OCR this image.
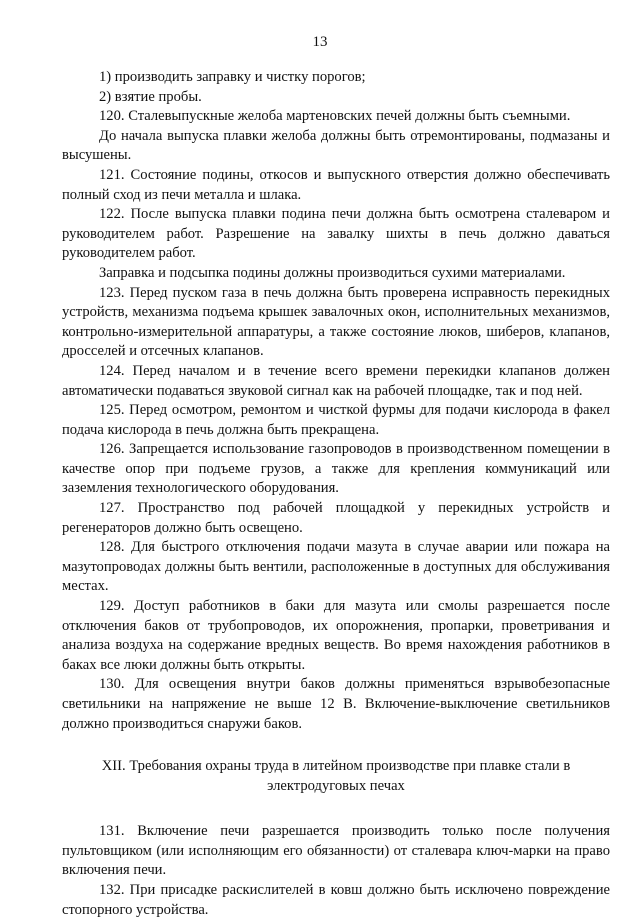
13

1) производить заправку и чистку порогов;

2) взятие пробы.

120. Сталевыпускные желоба мартеновских печей должны быть съемными.

До начала выпуска плавки желоба должны быть отремонтированы, подмазаны и высушены.

121. Состояние подины, откосов и выпускного отверстия должно обеспечивать полный сход из печи металла и шлака.

122. После выпуска плавки подина печи должна быть осмотрена сталеваром и руководителем работ. Разрешение на завалку шихты в печь должно даваться руководителем работ.

Заправка и подсыпка подины должны производиться сухими материалами.

123. Перед пуском газа в печь должна быть проверена исправность перекидных устройств, механизма подъема крышек завалочных окон, исполнительных механизмов, контрольно-измерительной аппаратуры, а также состояние люков, шиберов, клапанов, дросселей и отсечных клапанов.

124. Перед началом и в течение всего времени перекидки клапанов должен автоматически подаваться звуковой сигнал как на рабочей площадке, так и под ней.

125. Перед осмотром, ремонтом и чисткой фурмы для подачи кислорода в факел подача кислорода в печь должна быть прекращена.

126. Запрещается использование газопроводов в производственном помещении в качестве опор при подъеме грузов, а также для крепления коммуникаций или заземления технологического оборудования.

127. Пространство под рабочей площадкой у перекидных устройств и регенераторов должно быть освещено.

128. Для быстрого отключения подачи мазута в случае аварии или пожара на мазутопроводах должны быть вентили, расположенные в доступных для обслуживания местах.

129. Доступ работников в баки для мазута или смолы разрешается после отключения баков от трубопроводов, их опорожнения, пропарки, проветривания и анализа воздуха на содержание вредных веществ. Во время нахождения работников в баках все люки должны быть открыты.

130. Для освещения внутри баков должны применяться взрывобезопасные светильники на напряжение не выше 12 В. Включение-выключение светильников должно производиться снаружи баков.

XII. Требования охраны труда в литейном производстве при плавке стали в электродуговых печах

131. Включение печи разрешается производить только после получения пультовщиком (или исполняющим его обязанности) от сталевара ключ-марки на право включения печи.

132. При присадке раскислителей в ковш должно быть исключено повреждение стопорного устройства.
